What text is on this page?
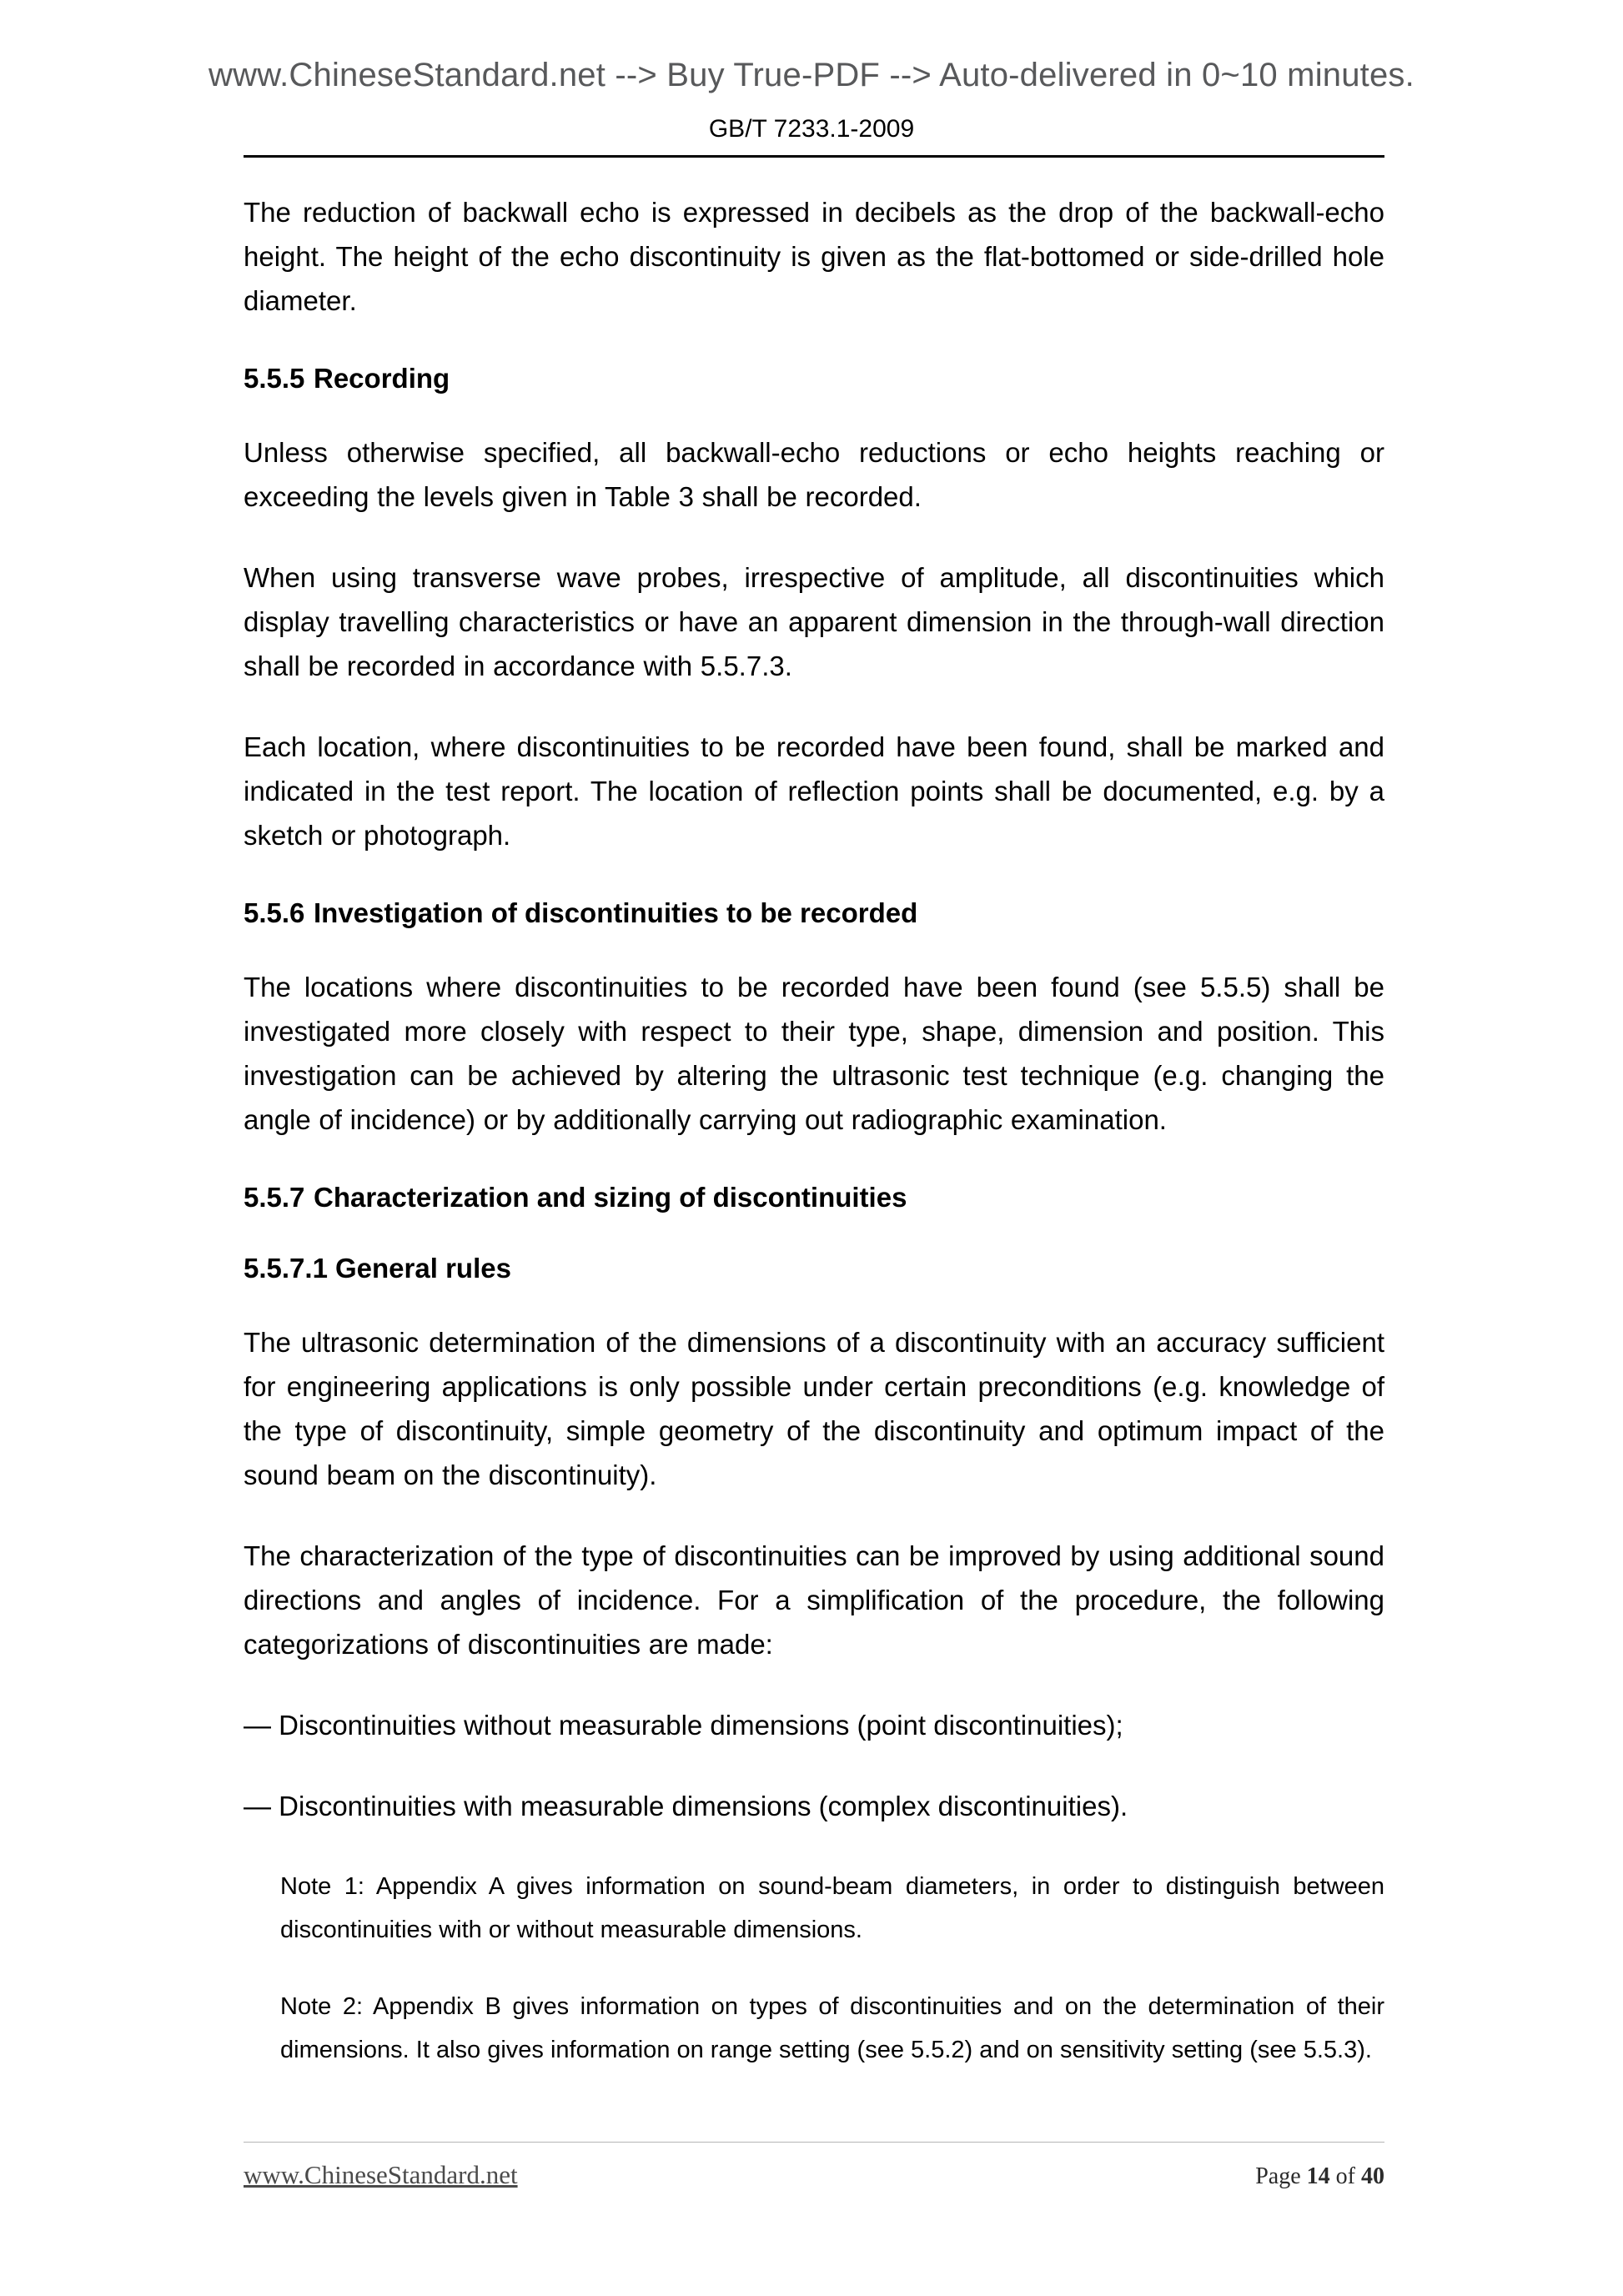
www.ChineseStandard.net --> Buy True-PDF --> Auto-delivered in 0~10 minutes.
GB/T 7233.1-2009

The reduction of backwall echo is expressed in decibels as the drop of the backwall-echo height. The height of the echo discontinuity is given as the flat-bottomed or side-drilled hole diameter.

5.5.5 Recording

Unless otherwise specified, all backwall-echo reductions or echo heights reaching or exceeding the levels given in Table 3 shall be recorded.

When using transverse wave probes, irrespective of amplitude, all discontinuities which display travelling characteristics or have an apparent dimension in the through-wall direction shall be recorded in accordance with 5.5.7.3.

Each location, where discontinuities to be recorded have been found, shall be marked and indicated in the test report. The location of reflection points shall be documented, e.g. by a sketch or photograph.

5.5.6 Investigation of discontinuities to be recorded

The locations where discontinuities to be recorded have been found (see 5.5.5) shall be investigated more closely with respect to their type, shape, dimension and position. This investigation can be achieved by altering the ultrasonic test technique (e.g. changing the angle of incidence) or by additionally carrying out radiographic examination.

5.5.7 Characterization and sizing of discontinuities
5.5.7.1 General rules

The ultrasonic determination of the dimensions of a discontinuity with an accuracy sufficient for engineering applications is only possible under certain preconditions (e.g. knowledge of the type of discontinuity, simple geometry of the discontinuity and optimum impact of the sound beam on the discontinuity).

The characterization of the type of discontinuities can be improved by using additional sound directions and angles of incidence. For a simplification of the procedure, the following categorizations of discontinuities are made:

— Discontinuities without measurable dimensions (point discontinuities);
— Discontinuities with measurable dimensions (complex discontinuities).

Note 1: Appendix A gives information on sound-beam diameters, in order to distinguish between discontinuities with or without measurable dimensions.

Note 2: Appendix B gives information on types of discontinuities and on the determination of their dimensions. It also gives information on range setting (see 5.5.2) and on sensitivity setting (see 5.5.3).

www.ChineseStandard.net	Page 14 of 40
